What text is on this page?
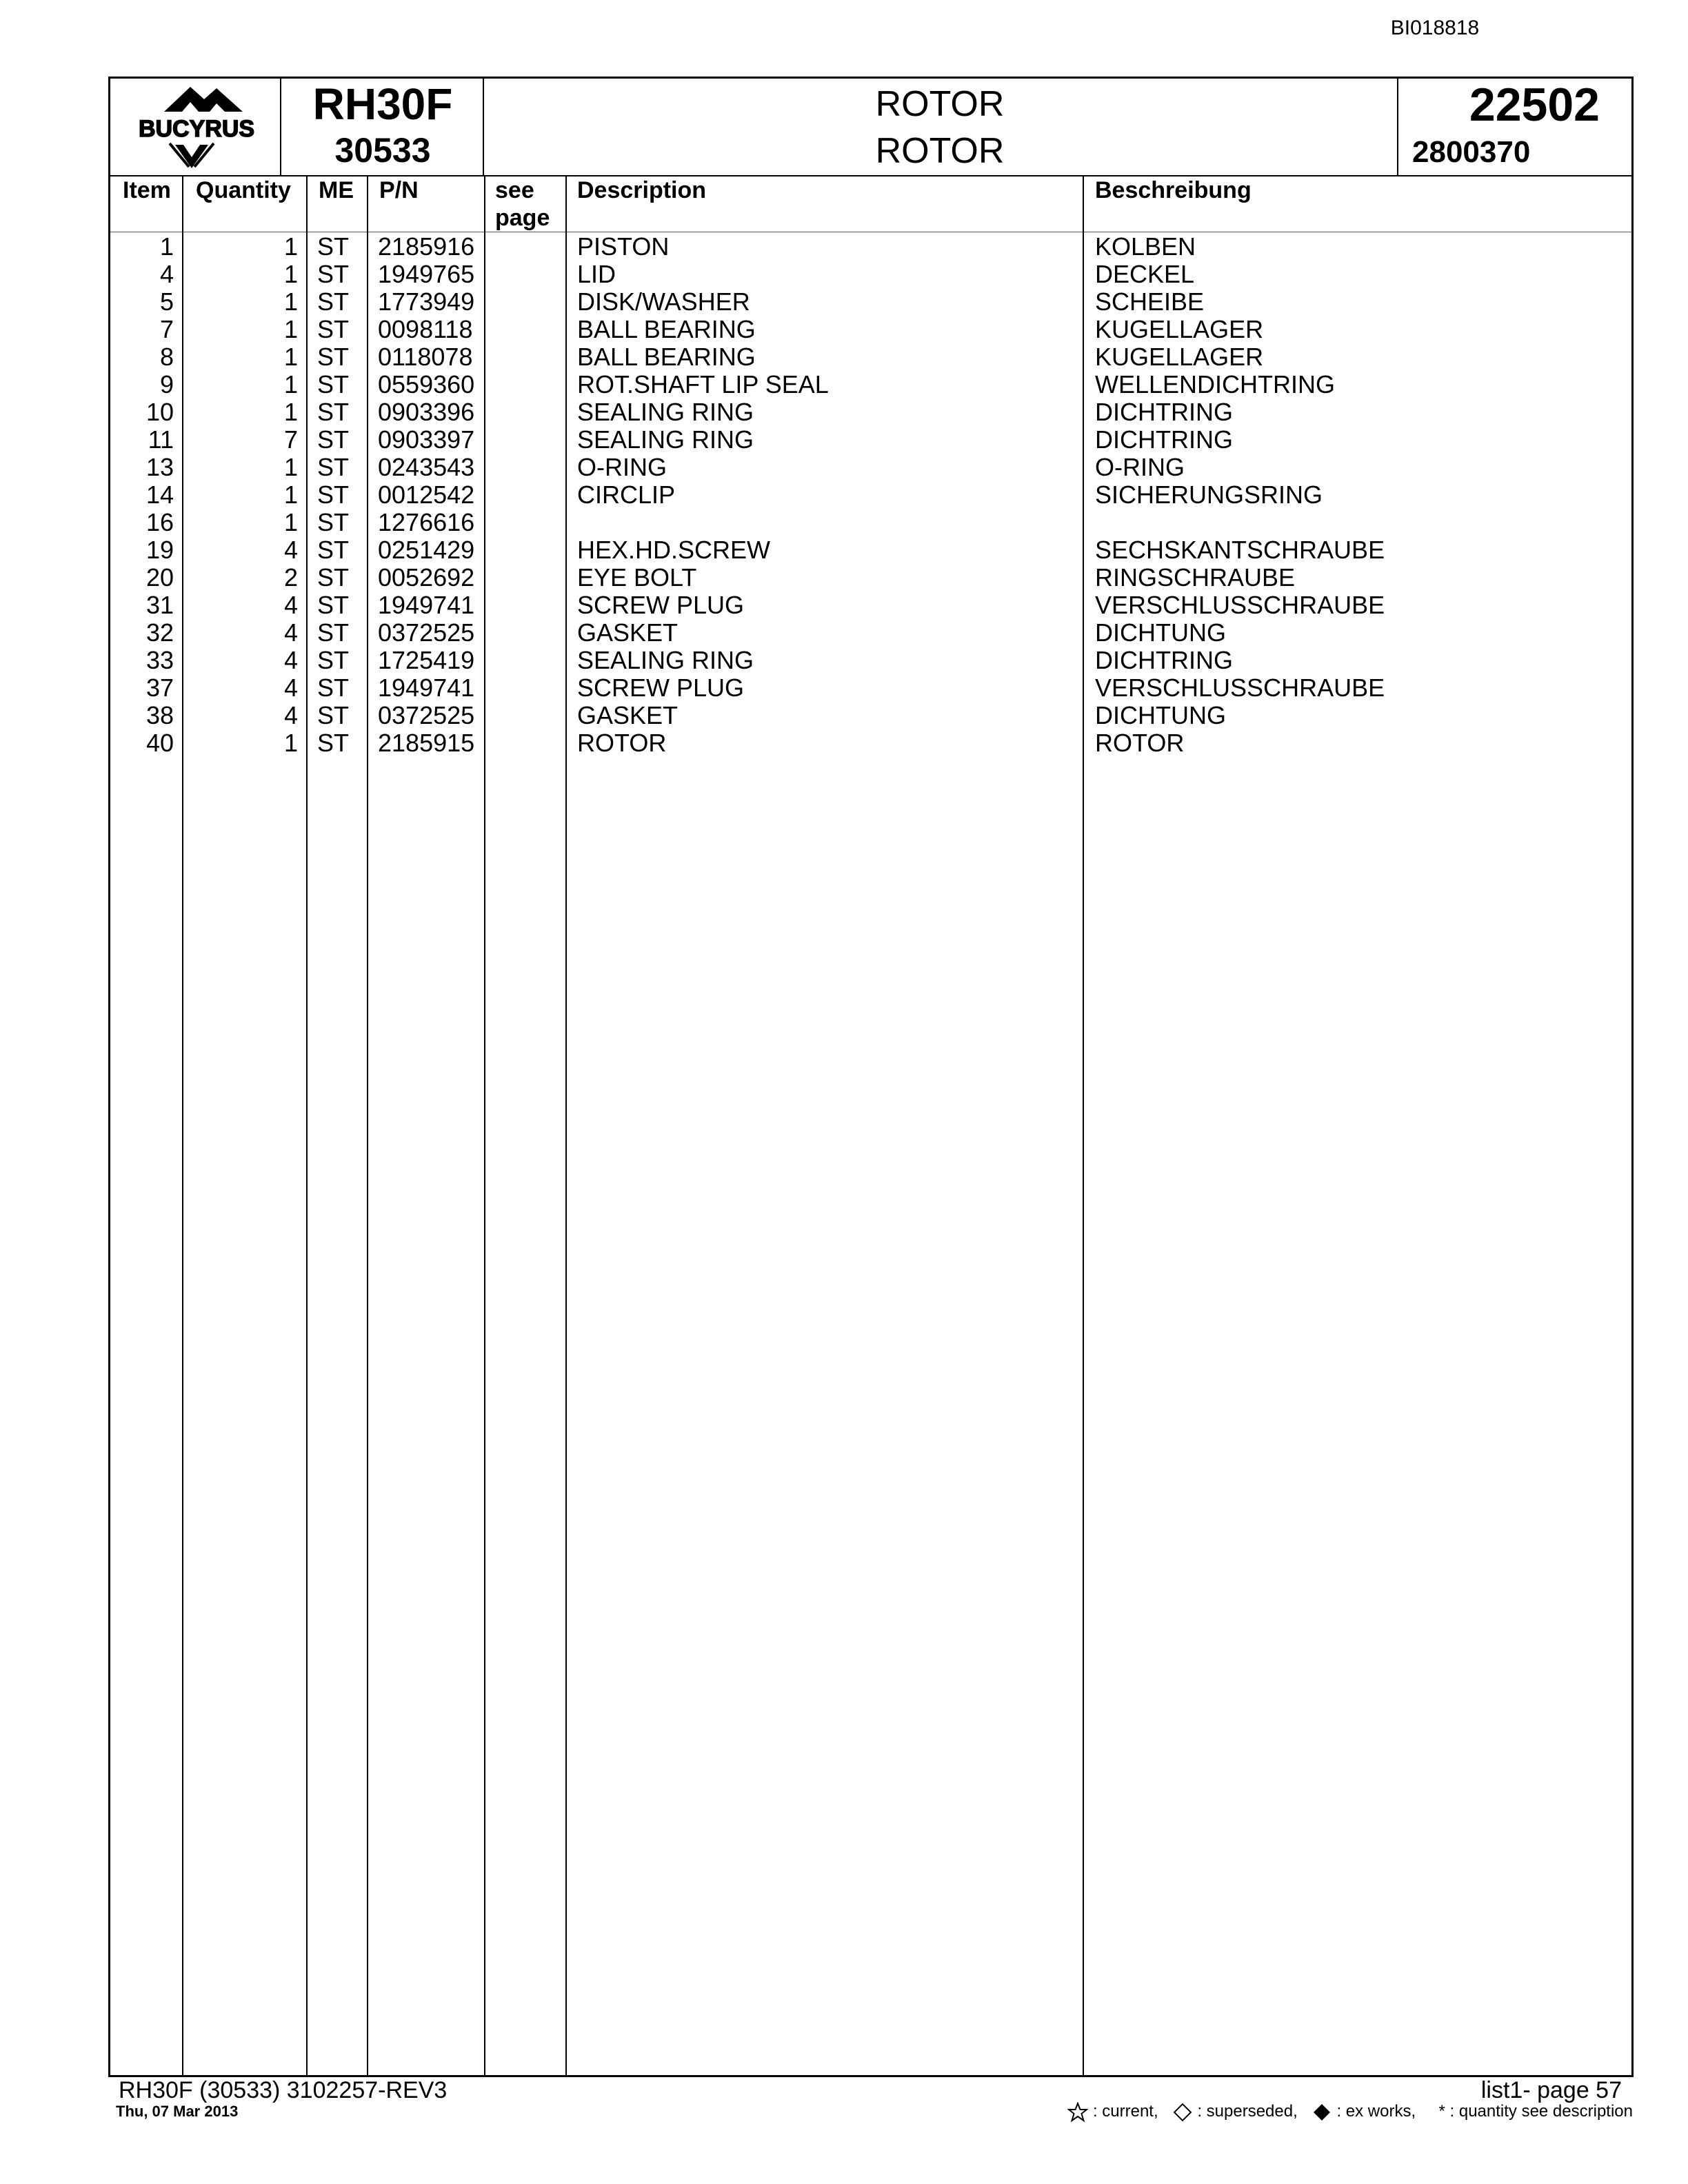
BI018818
BUCYRUS	RH30F
30533
ROTOR
ROTOR
22502
2800370
Item Quantity ME P/N	see
page
Description	Beschreibung
1	1 ST 2185916	PISTON	KOLBEN
4	1 ST 1949765	LID	DECKEL
5	1 ST 1773949	DISK/WASHER	SCHEIBE
7	1 ST 0098118	BALL BEARING	KUGELLAGER
8	1 ST 0118078	BALL BEARING	KUGELLAGER
9	1 ST 0559360	ROT.SHAFT LIP SEAL	WELLENDICHTRING
10	1 ST 0903396	SEALING RING	DICHTRING
11	7 ST 0903397	SEALING RING	DICHTRING
13	1 ST 0243543	O-RING	O-RING
14	1 ST 0012542	CIRCLIP	SICHERUNGSRING
16	1 ST 1276616
19	4 ST 0251429	HEX.HD.SCREW	SECHSKANTSCHRAUBE
20	2 ST 0052692	EYE BOLT	RINGSCHRAUBE
31	4 ST 1949741	SCREW PLUG	VERSCHLUSSCHRAUBE
32	4 ST 0372525	GASKET	DICHTUNG
33	4 ST 1725419	SEALING RING	DICHTRING
37	4 ST 1949741	SCREW PLUG	VERSCHLUSSCHRAUBE
38	4 ST 0372525	GASKET	DICHTUNG
40	1 ST 2185915	ROTOR	ROTOR
RH30F (30533) 3102257-REV3
Thu, 07 Mar 2013
list1- page 57
: current, : superseded, : ex works, * : quantity see description
